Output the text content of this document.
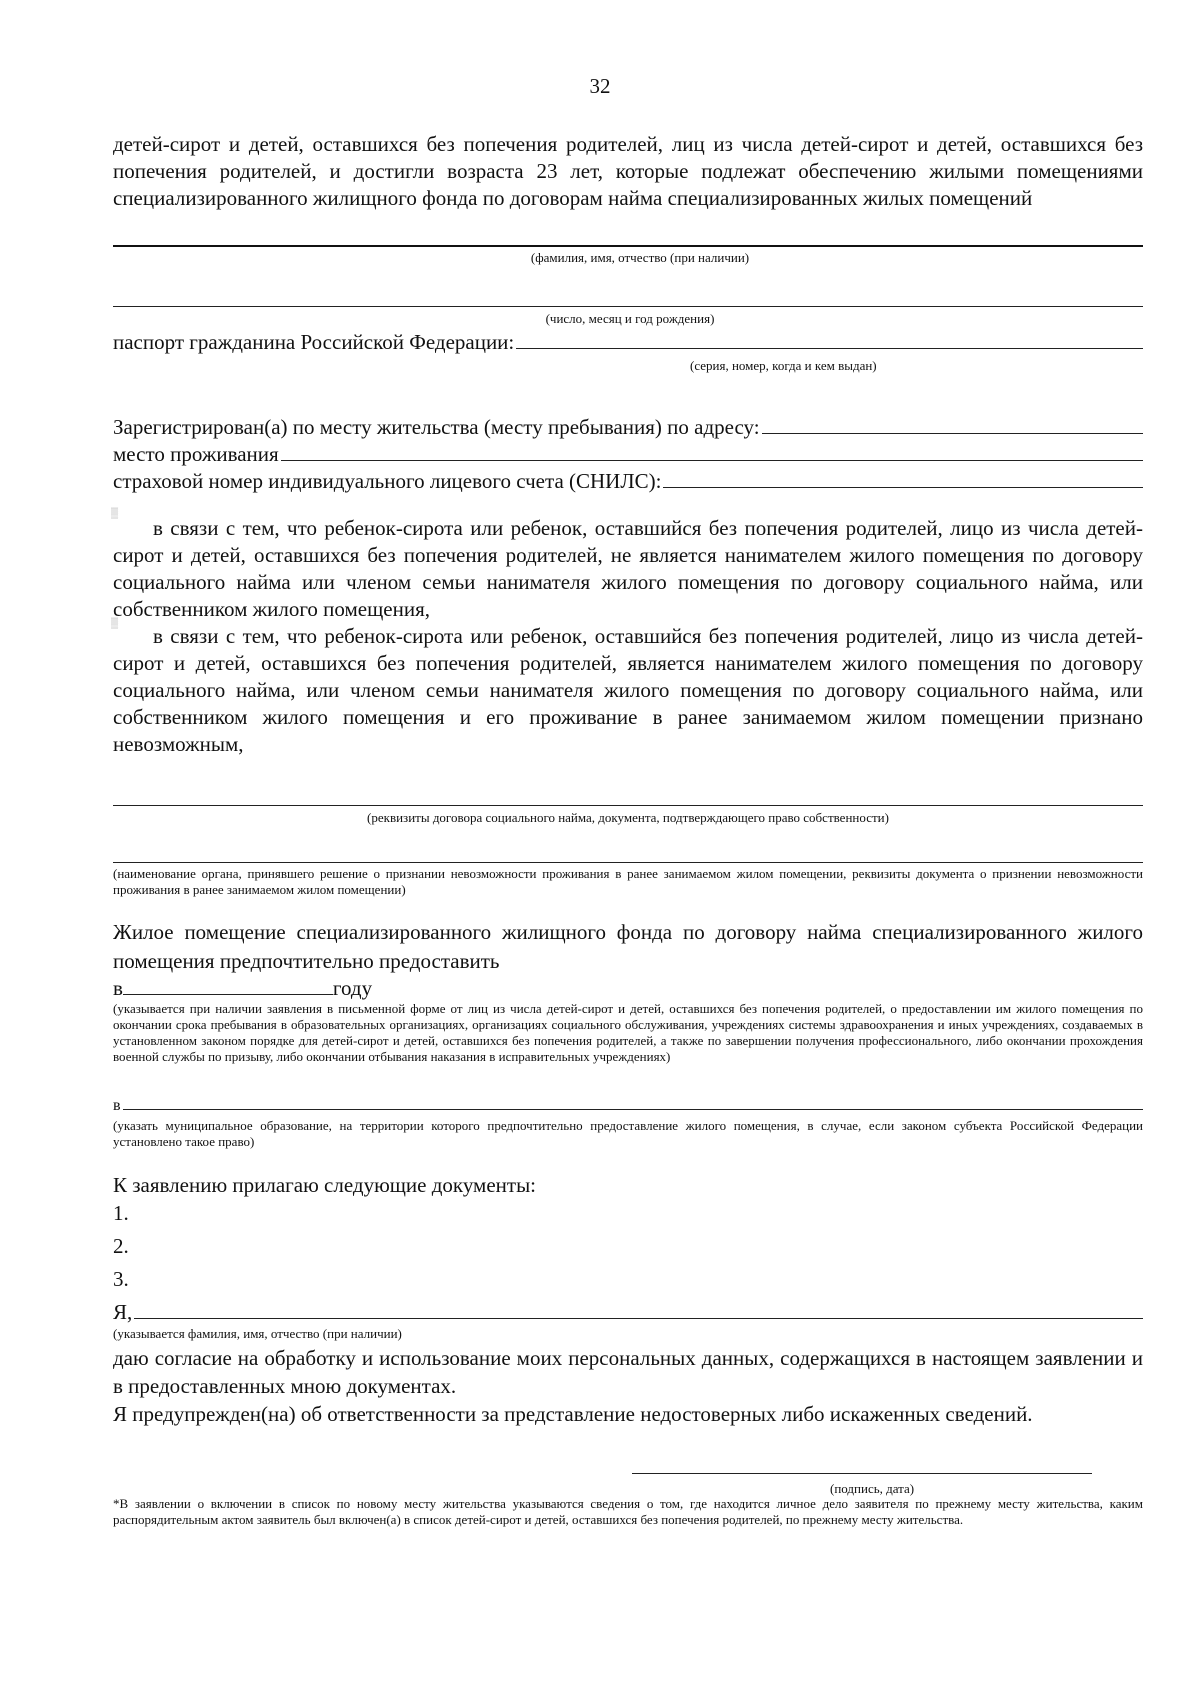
32
детей-сирот и детей, оставшихся без попечения родителей, лиц из числа детей-сирот и детей, оставшихся без попечения родителей, и достигли возраста 23 лет, которые подлежат обеспечению жилыми помещениями специализированного жилищного фонда по договорам найма специализированных жилых помещений
(фамилия, имя, отчество (при наличии)
(число, месяц и год рождения)
паспорт гражданина Российской Федерации:
(серия, номер, когда и кем выдан)
Зарегистрирован(а) по месту жительства (месту пребывания) по адресу:
место проживания
страховой номер индивидуального лицевого счета (СНИЛС):
▒
в связи с тем, что ребенок-сирота или ребенок, оставшийся без попечения родителей, лицо из числа детей-сирот и детей, оставшихся без попечения родителей, не является нанимателем жилого помещения по договору социального найма или членом семьи нанимателя жилого помещения по договору социального найма, или собственником жилого помещения,
▒
в связи с тем, что ребенок-сирота или ребенок, оставшийся без попечения родителей, лицо из числа детей-сирот и детей, оставшихся без попечения родителей, является нанимателем жилого помещения по договору социального найма, или членом семьи нанимателя жилого помещения по договору социального найма, или собственником жилого помещения и его проживание в ранее занимаемом жилом помещении признано невозможным,
(реквизиты договора социального найма, документа, подтверждающего право собственности)
(наименование органа, принявшего решение о признании невозможности проживания в ранее занимаемом жилом помещении, реквизиты документа о признении невозможности проживания в ранее занимаемом жилом помещении)
Жилое помещение специализированного жилищного фонда по договору найма специализированного жилого помещения предпочтительно предоставить
в	году
(указывается при наличии заявления в письменной форме от лиц из числа детей-сирот и детей, оставшихся без попечения родителей, о предоставлении им жилого помещения по окончании срока пребывания в образовательных организациях, организациях социального обслуживания, учреждениях системы здравоохранения и иных учреждениях, создаваемых в установленном законом порядке для детей-сирот и детей, оставшихся без попечения родителей, а также по завершении получения профессионального, либо окончании прохождения военной службы по призыву, либо окончании отбывания наказания в исправительных учреждениях)
в
(указать муниципальное образование, на территории которого предпочтительно предоставление жилого помещения, в случае, если законом субъекта Российской Федерации установлено такое право)
К заявлению прилагаю следующие документы:
1.
2.
3.
Я,
(указывается фамилия, имя, отчество (при наличии)
даю согласие на обработку и использование моих персональных данных, содержащихся в настоящем заявлении и в предоставленных мною документах.
Я предупрежден(на) об ответственности за представление недостоверных либо искаженных сведений.
(подпись, дата)
*В заявлении о включении в список по новому месту жительства указываются сведения о том, где находится личное дело заявителя по прежнему месту жительства, каким распорядительным актом заявитель был включен(а) в список детей-сирот и детей, оставшихся без попечения родителей, по прежнему месту жительства.
